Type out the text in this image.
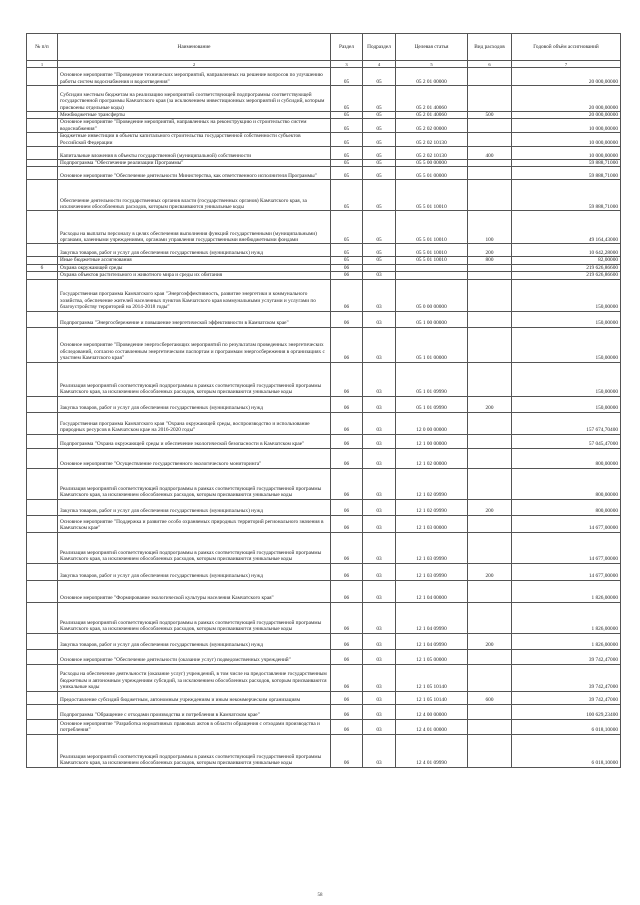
№ п/п	Наименование	Раздел	Подраздел	Целевая статья	Вид расходов	Годовой объём ассигнований
1	2	3	4	5	6	7
	Основное мероприятие "Проведение технических мероприятий, направленных на решение вопросов по улучшению работы систем водоснабжения и водоотведения"	05	05	05 2 01 00000		20 000,00000
	Субсидии местным бюджетам на реализацию мероприятий соответствующей подпрограммы соответствующей государственной программы Камчатского края (за исключением инвестиционных мероприятий и субсидий, которым присвоены отдельные коды)	05	05	05 2 01 40060		20 000,00000
	Межбюджетные трансферты	05	05	05 2 01 40060	500	20 000,00000
	Основное мероприятие "Проведение мероприятий, направленных на реконструкцию и строительство систем водоснабжения"	05	05	05 2 02 00000		10 000,00000
	Бюджетные инвестиции в объекты капитального строительства государственной собственности субъектов Российской Федерации	05	05	05 2 02 10130		10 000,00000
	Капитальные вложения в объекты государственной (муниципальной) собственности	05	05	05 2 02 10130	400	10 000,00000
	Подпрограмма "Обеспечение реализации Программы"	05	05	05 5 00 00000		59 888,71000
	Основное мероприятие "Обеспечение деятельности Министерства, как ответственного исполнителя Программы"	05	05	05 5 01 00000		59 888,71000
	Обеспечение деятельности государственных органов власти (государственных органов) Камчатского края, за исключением обособленных расходов, которым присваиваются уникальные коды	05	05	05 5 01 10010		59 888,71000
	Расходы на выплаты персоналу в целях обеспечения выполнения функций государственными (муниципальными) органами, казенными учреждениями, органами управления государственными внебюджетными фондами	05	05	05 5 01 10010	100	49 164,43000
	Закупка товаров, работ и услуг для обеспечения государственных (муниципальных) нужд	05	05	05 5 01 10010	200	10 642,28000
	Иные бюджетные ассигнования	05	05	05 5 01 10010	800	82,00000
6	Охрана окружающей среды	06				219 626,86600
	Охрана объектов растительного и животного мира и среды их обитания	06	03			219 626,86600
	Государственная программа Камчатского края "Энергоэффективность, развитие энергетики и коммунального хозяйства, обеспечение жителей населенных пунктов Камчатского края коммунальными услугами и услугами по благоустройству территорий на 2014-2018 годы"	06	03	05 0 00 00000		150,00000
	Подпрограмма "Энергосбережение и повышение энергетической эффективности в Камчатском крае"	06	03	05 1 00 00000		150,00000
	Основное мероприятие "Проведение энергосберегающих мероприятий по результатам проведенных энергетических обследований, согласно составленным энергетическим паспортам и программам энергосбережения в организациях с участием Камчатского края"	06	03	05 1 01 00000		150,00000
	Реализация мероприятий соответствующей подпрограммы в рамках соответствующей государственной программы Камчатского края, за исключением обособленных расходов, которым присваиваются уникальные коды	06	03	05 1 01 09990		150,00000
	Закупка товаров, работ и услуг для обеспечения государственных (муниципальных) нужд	06	03	05 1 01 09990	200	150,00000
	Государственная программа Камчатского края "Охрана окружающей среды, воспроизводство и использование природных ресурсов в Камчатском крае на 2016-2020 годы"	06	03	12 0 00 00000		157 674,70400
	Подпрограмма "Охрана окружающей среды и обеспечение экологической безопасности в Камчатском крае"	06	03	12 1 00 00000		57 045,47000
	Основное мероприятие "Осуществление государственного экологического мониторинга"	06	03	12 1 02 00000		800,00000
	Реализация мероприятий соответствующей подпрограммы в рамках соответствующей государственной программы Камчатского края, за исключением обособленных расходов, которым присваиваются уникальные коды	06	03	12 1 02 09990		800,00000
	Закупка товаров, работ и услуг для обеспечения государственных (муниципальных) нужд	06	03	12 1 02 09990	200	800,00000
	Основное мероприятие "Поддержка и развитие особо охраняемых природных территорий регионального значения в Камчатском крае"	06	03	12 1 03 00000		14 677,00000
	Реализация мероприятий соответствующей подпрограммы в рамках соответствующей государственной программы Камчатского края, за исключением обособленных расходов, которым присваиваются уникальные коды	06	03	12 1 03 09990		14 677,00000
	Закупка товаров, работ и услуг для обеспечения государственных (муниципальных) нужд	06	03	12 1 03 09990	200	14 677,00000
	Основное мероприятие "Формирование экологической культуры населения Камчатского края"	06	03	12 1 04 00000		1 826,00000
	Реализация мероприятий соответствующей подпрограммы в рамках соответствующей государственной программы Камчатского края, за исключением обособленных расходов, которым присваиваются уникальные коды	06	03	12 1 04 09990		1 826,00000
	Закупка товаров, работ и услуг для обеспечения государственных (муниципальных) нужд	06	03	12 1 04 09990	200	1 826,00000
	Основное мероприятие "Обеспечение деятельности (оказание услуг) подведомственных учреждений"	06	03	12 1 05 00000		39 742,47000
	Расходы на обеспечение деятельности (оказание услуг) учреждений, в том числе на предоставление государственным бюджетным и автономным учреждениям субсидий, за исключением обособленных расходов, которым присваиваются уникальные коды	06	03	12 1 05 10140		39 742,47000
	Предоставление субсидий бюджетным, автономным учреждениям и иным некоммерческим организациям	06	03	12 1 05 10140	600	39 742,47000
	Подпрограмма "Обращение с отходами производства и потребления в Камчатском крае"	06	03	12 4 00 00000		100 629,23400
	Основное мероприятие "Разработка нормативных правовых актов в области обращения с отходами производства и потребления"	06	03	12 4 01 00000		6 018,10000
	Реализация мероприятий соответствующей подпрограммы в рамках соответствующей государственной программы Камчатского края, за исключением обособленных расходов, которым присваиваются уникальные коды	06	03	12 4 01 09990		6 018,10000
58
